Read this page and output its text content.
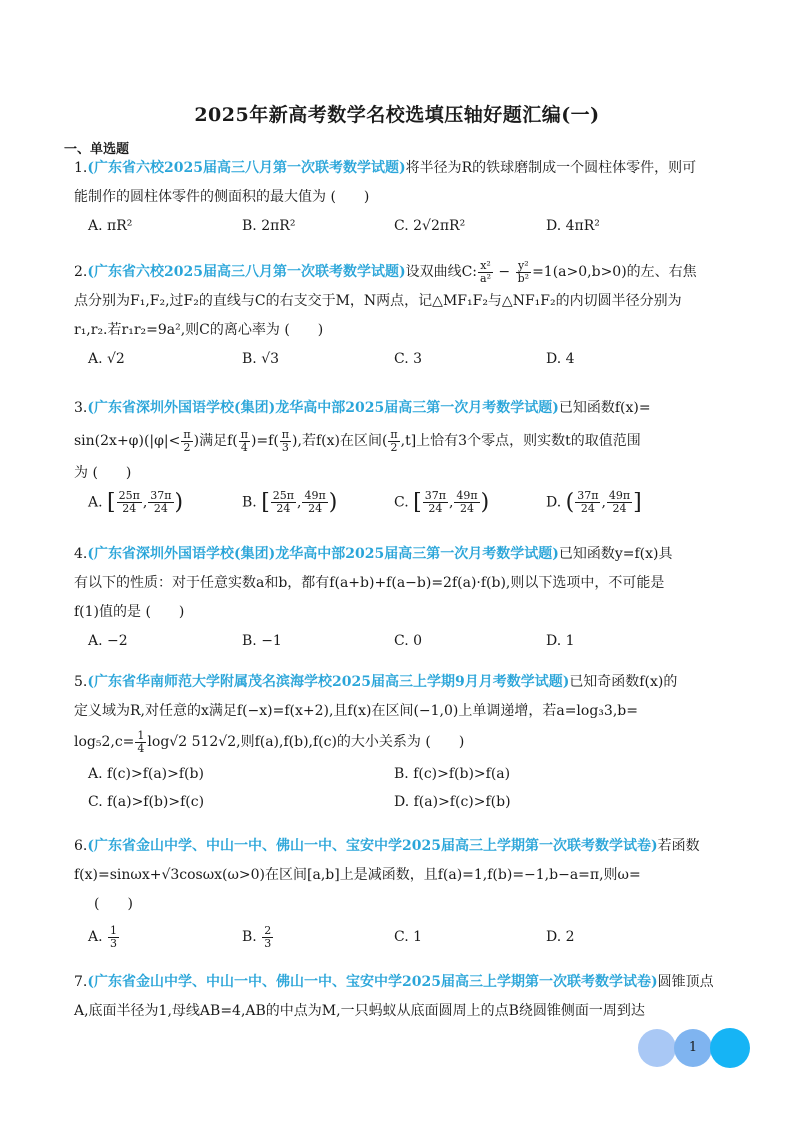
2025年新高考数学名校选填压轴好题汇编(一)
一、单选题
1.(广东省六校2025届高三八月第一次联考数学试题)将半径为R的铁球磨制成一个圆柱体零件，则可
能制作的圆柱体零件的侧面积的最大值为 (　　)
A. πR²	B. 2πR²	C. 2√2πR²	D. 4πR²
2.(广东省六校2025届高三八月第一次联考数学试题)设双曲线C: $\frac{\text{x²}}{\text{a²}} - \frac{\text{y²}}{\text{b²}} =1(a>0,b>0)$的左、右焦
点分别为F₁,F₂,过F₂的直线与C的右支交于M，N两点，记△MF₁F₂与△NF₁F₂的内切圆半径分别为
r₁,r₂.若r₁r₂=9a²,则C的离心率为 (　　)
A. √2	B. √3	C. 3	D. 4
3.(广东省深圳外国语学校(集团)龙华高中部2025届高三第一次月考数学试题)已知函数f(x)=
$\sin(2x+\varphi)(|\varphi|< \frac{\pi}{2}$ )满足$f( \frac{\pi}{4} )=f( \frac{\pi}{3}$ ),若f(x)在区间( $\frac{\pi}{2} ,t$]上恰有3个零点，则实数t的取值范围
为 (　　)
A. [ $\frac{25\pi}{24}$ , $\frac{37\pi}{24}$ )	B. [ $\frac{25\pi}{24}$ , $\frac{49\pi}{24}$ )	C. [ $\frac{37\pi}{24}$ , $\frac{49\pi}{24}$ )	D. ( $\frac{37\pi}{24}$ , $\frac{49\pi}{24}$ ]
4.(广东省深圳外国语学校(集团)龙华高中部2025届高三第一次月考数学试题)已知函数y=f(x)具
有以下的性质：对于任意实数a和b，都有f(a+b)+f(a−b)=2f(a)·f(b),则以下选项中，不可能是
f(1)值的是 (　　)
A. −2	B. −1	C. 0	D. 1
5.(广东省华南师范大学附属茂名滨海学校2025届高三上学期9月月考数学试题)已知奇函数f(x)的
定义域为R,对任意的x满足f(−x)=f(x+2),且f(x)在区间(−1,0)上单调递增，若a=log₃3,b=
$\log_52,c= \frac{1}{4} \log√2$ 512√2,则f(a),f(b),f(c)的大小关系为 (　　)
A. f(c)>f(a)>f(b)	B. f(c)>f(b)>f(a)
C. f(a)>f(b)>f(c)	D. f(a)>f(c)>f(b)
6.(广东省金山中学、中山一中、佛山一中、宝安中学2025届高三上学期第一次联考数学试卷)若函数
f(x)=sinωx+√3cosωx(ω>0)在区间[a,b]上是减函数，且f(a)=1,f(b)=−1,b−a=π,则ω=
(　　)
A. $\frac{1}{3}$	B. $\frac{2}{3}$	C. 1	D. 2
7.(广东省金山中学、中山一中、佛山一中、宝安中学2025届高三上学期第一次联考数学试卷)圆锥顶点
A,底面半径为1,母线AB=4,AB的中点为M,一只蚂蚁从底面圆周上的点B绕圆锥侧面一周到达
1
